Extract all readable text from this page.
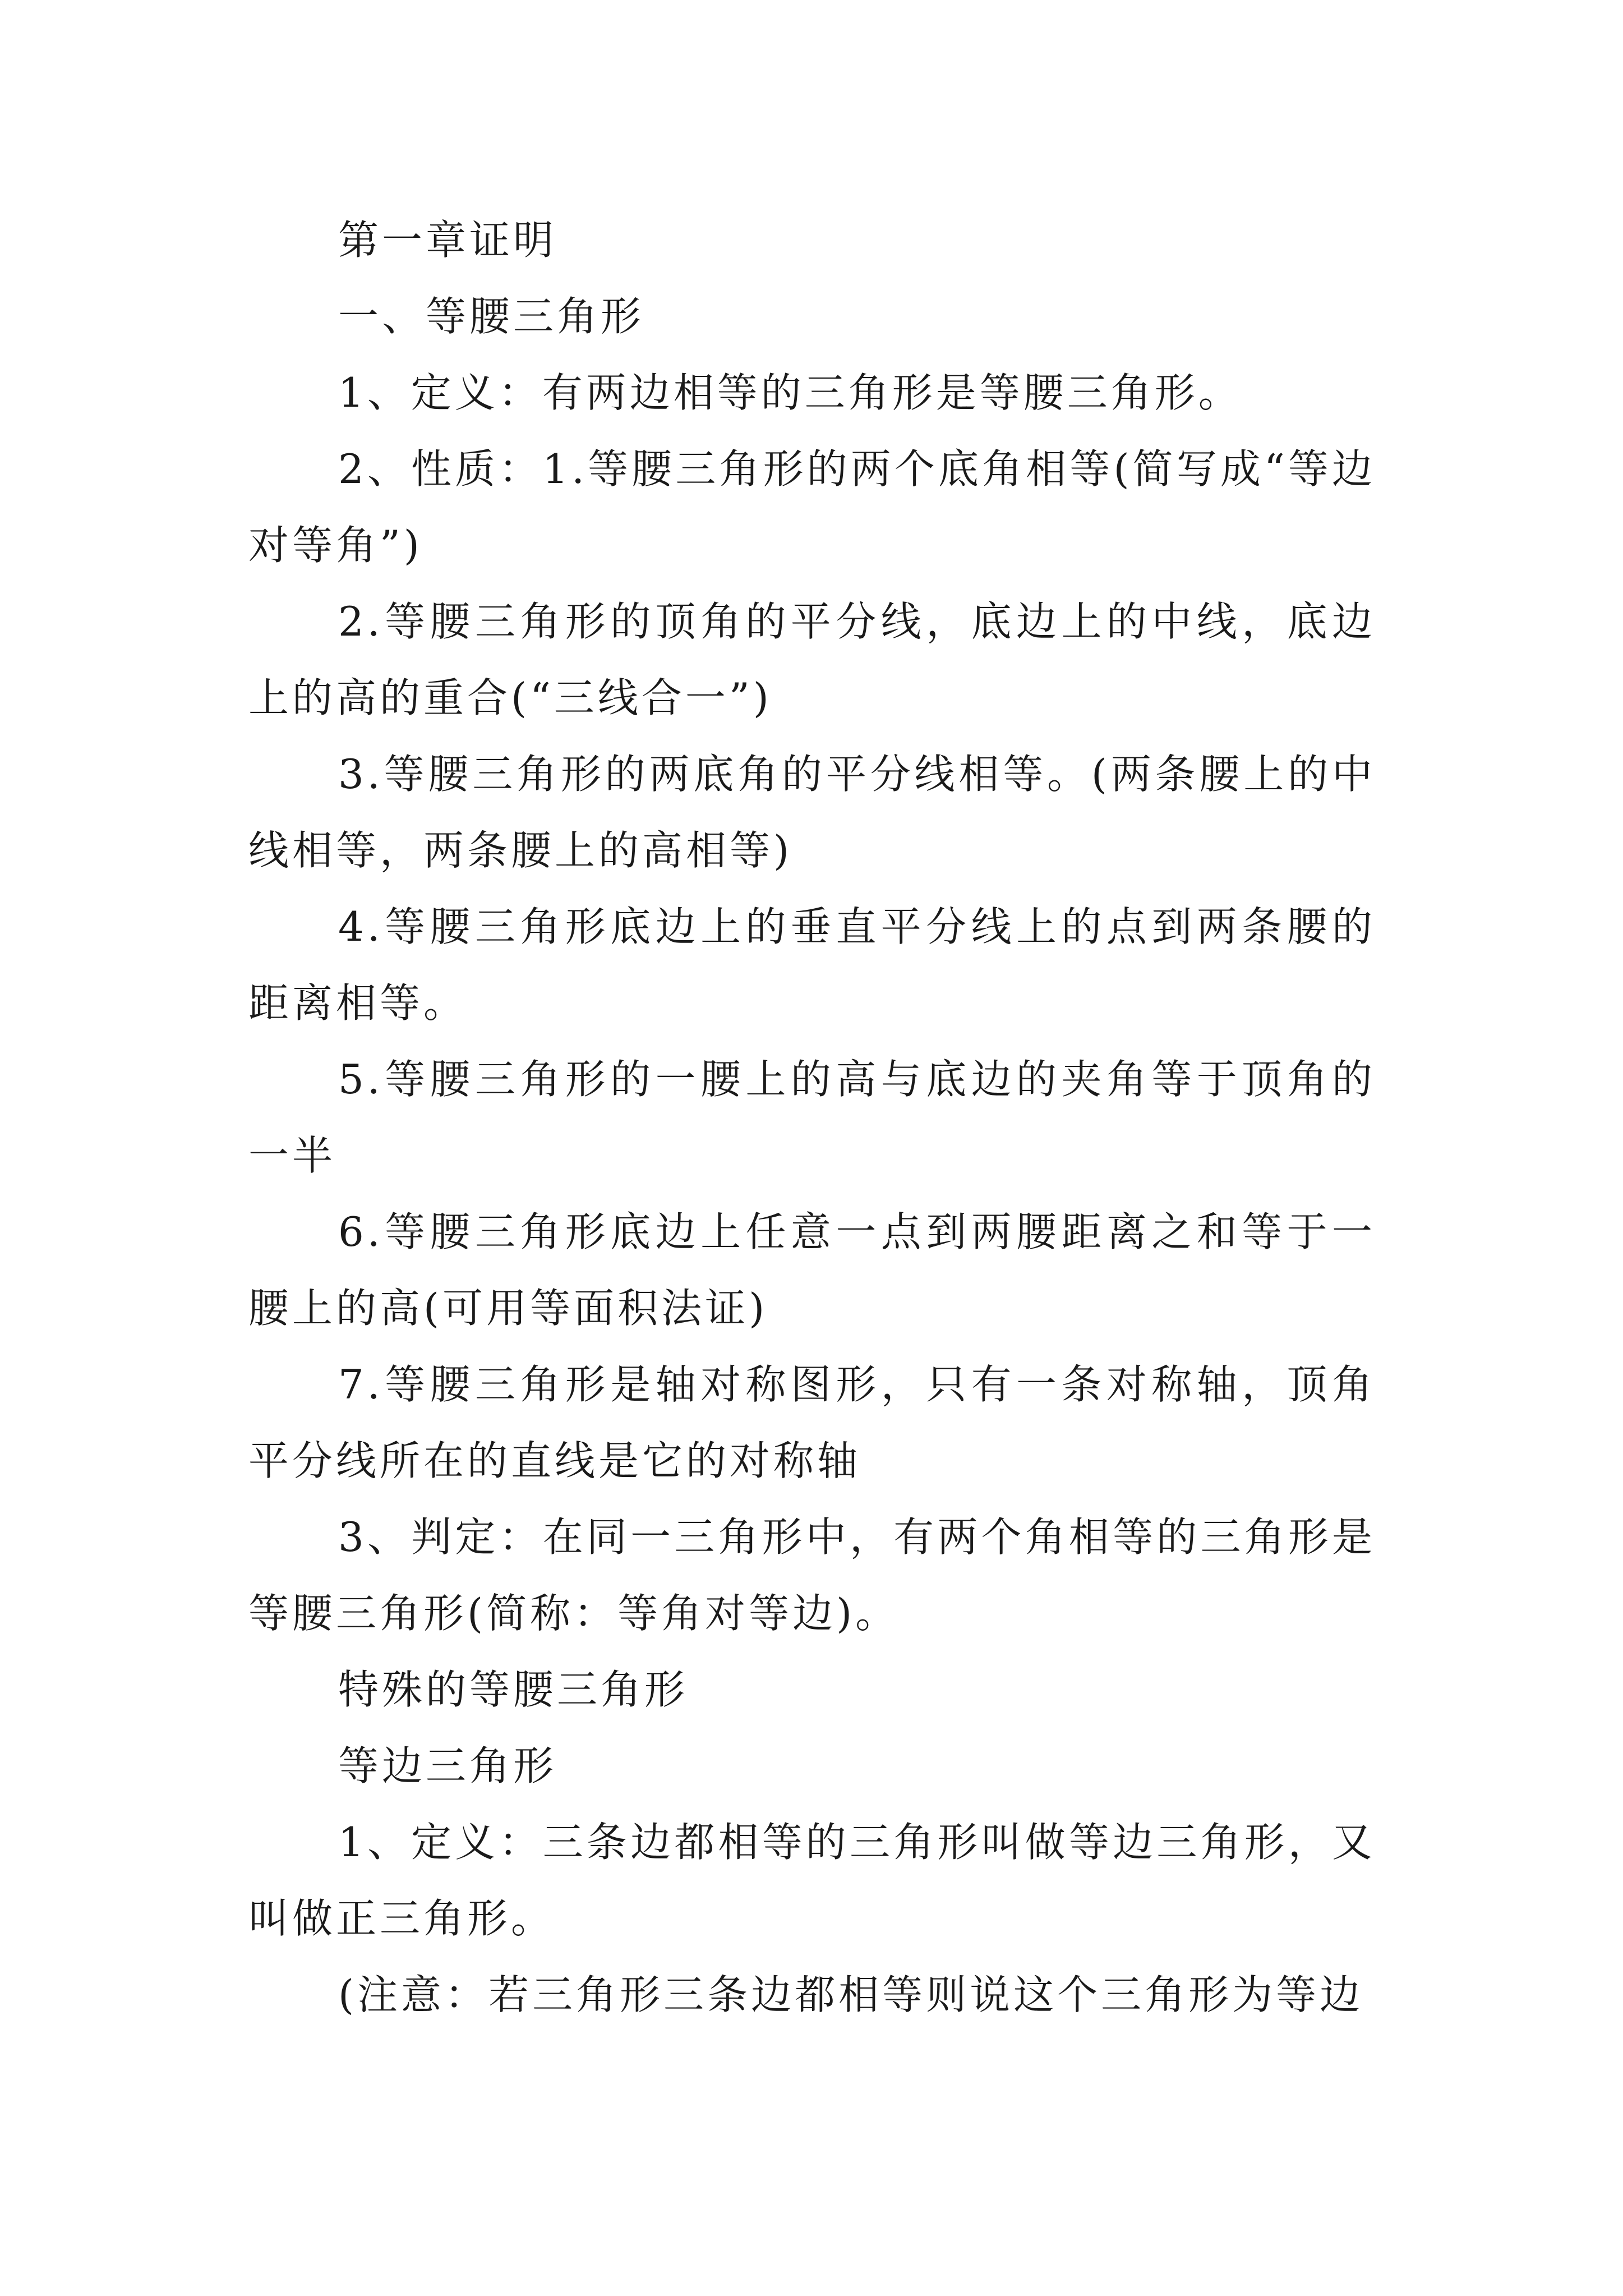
第一章证明

一、等腰三角形

1、定义：有两边相等的三角形是等腰三角形。

2、性质：1.等腰三角形的两个底角相等(简写成“等边对等角”)

2.等腰三角形的顶角的平分线，底边上的中线，底边上的高的重合(“三线合一”)

3.等腰三角形的两底角的平分线相等。(两条腰上的中线相等，两条腰上的高相等)

4.等腰三角形底边上的垂直平分线上的点到两条腰的距离相等。

5.等腰三角形的一腰上的高与底边的夹角等于顶角的一半

6.等腰三角形底边上任意一点到两腰距离之和等于一腰上的高(可用等面积法证)

7.等腰三角形是轴对称图形，只有一条对称轴，顶角平分线所在的直线是它的对称轴

3、判定：在同一三角形中，有两个角相等的三角形是等腰三角形(简称：等角对等边)。

特殊的等腰三角形

等边三角形

1、定义：三条边都相等的三角形叫做等边三角形，又叫做正三角形。

(注意：若三角形三条边都相等则说这个三角形为等边
